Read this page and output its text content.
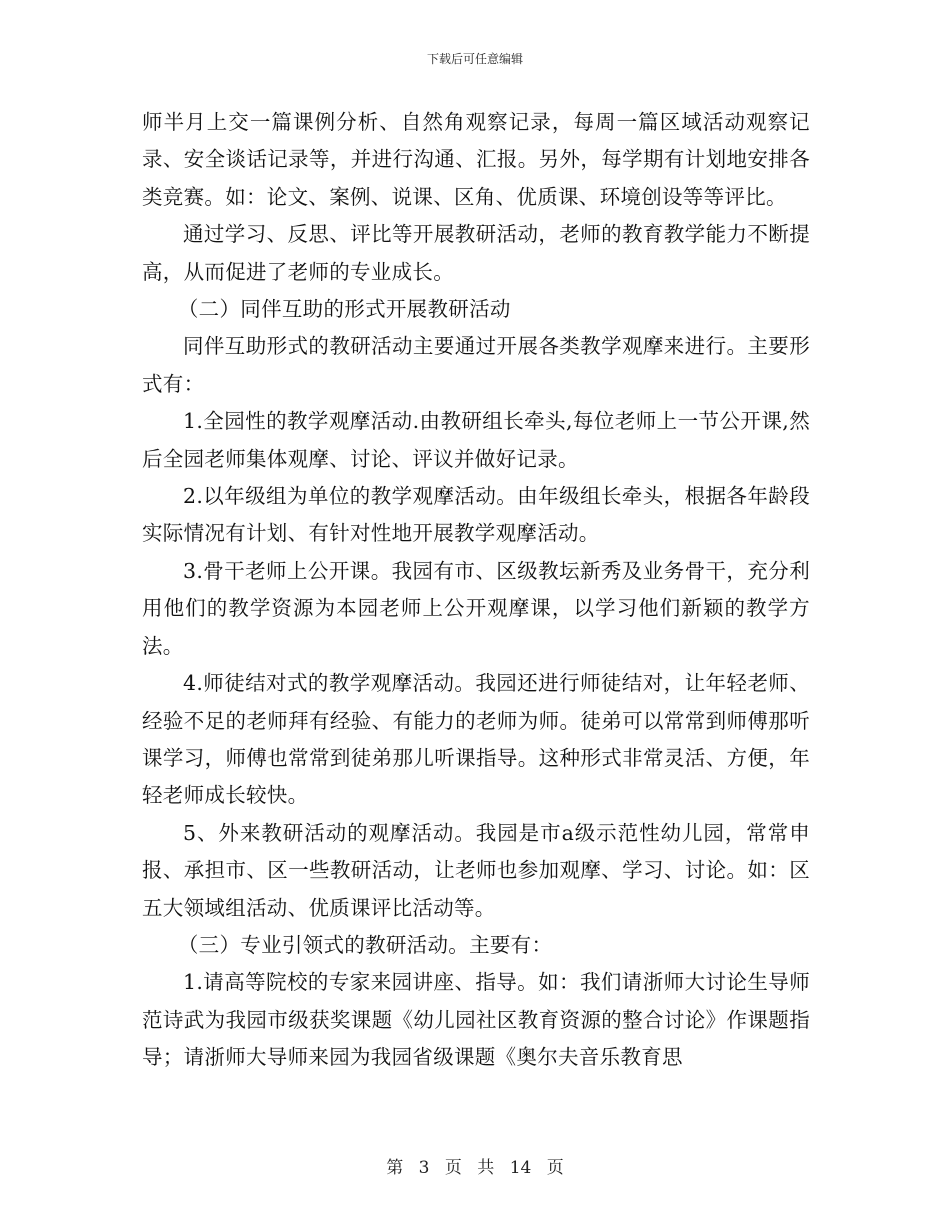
下载后可任意编辑

师半月上交一篇课例分析、自然角观察记录，每周一篇区域活动观察记录、安全谈话记录等，并进行沟通、汇报。另外，每学期有计划地安排各类竞赛。如：论文、案例、说课、区角、优质课、环境创设等等评比。

通过学习、反思、评比等开展教研活动，老师的教育教学能力不断提高，从而促进了老师的专业成长。

（二）同伴互助的形式开展教研活动

同伴互助形式的教研活动主要通过开展各类教学观摩来进行。主要形式有：

1.全园性的教学观摩活动.由教研组长牵头,每位老师上一节公开课,然后全园老师集体观摩、讨论、评议并做好记录。

2.以年级组为单位的教学观摩活动。由年级组长牵头，根据各年龄段实际情况有计划、有针对性地开展教学观摩活动。

3.骨干老师上公开课。我园有市、区级教坛新秀及业务骨干，充分利用他们的教学资源为本园老师上公开观摩课，以学习他们新颖的教学方法。

4.师徒结对式的教学观摩活动。我园还进行师徒结对，让年轻老师、经验不足的老师拜有经验、有能力的老师为师。徒弟可以常常到师傅那听课学习，师傅也常常到徒弟那儿听课指导。这种形式非常灵活、方便，年轻老师成长较快。

5、外来教研活动的观摩活动。我园是市a级示范性幼儿园，常常申报、承担市、区一些教研活动，让老师也参加观摩、学习、讨论。如：区五大领域组活动、优质课评比活动等。

（三）专业引领式的教研活动。主要有：

1.请高等院校的专家来园讲座、指导。如：我们请浙师大讨论生导师范诗武为我园市级获奖课题《幼儿园社区教育资源的整合讨论》作课题指导；请浙师大导师来园为我园省级课题《奥尔夫音乐教育思

第 3 页 共 14 页
